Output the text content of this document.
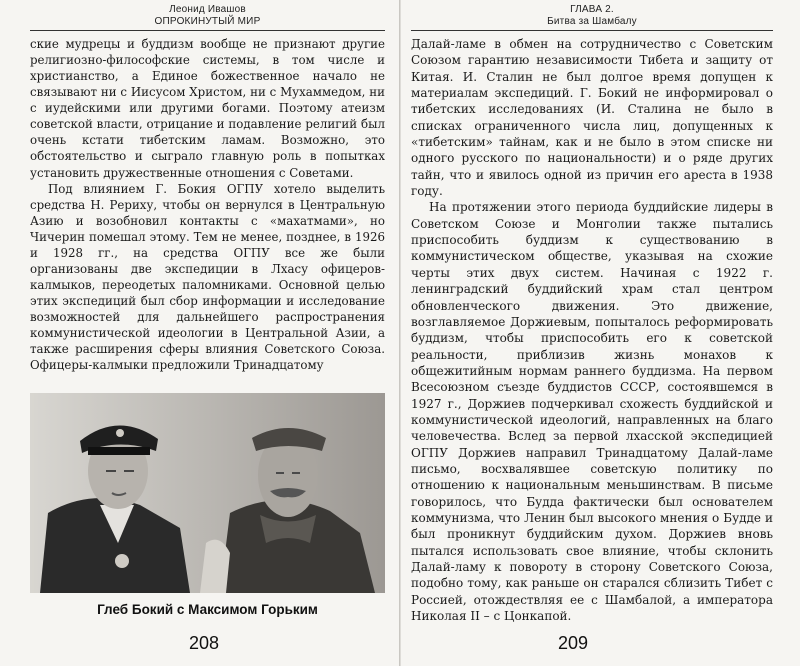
Леонид Ивашов
ОПРОКИНУТЫЙ МИР

ские мудрецы и буддизм вообще не признают другие религиозно-философские системы, в том числе и христианство, а Единое божественное начало не связывают ни с Иисусом Христом, ни с Мухаммедом, ни с иудейскими или другими богами. Поэтому атеизм советской власти, отрицание и подавление религий был очень кстати тибетским ламам. Возможно, это обстоятельство и сыграло главную роль в попытках установить дружественные отношения с Советами.

Под влиянием Г. Бокия ОГПУ хотело выделить средства Н. Рериху, чтобы он вернулся в Центральную Азию и возобновил контакты с «махатмами», но Чичерин помешал этому. Тем не менее, позднее, в 1926 и 1928 гг., на средства ОГПУ все же были организованы две экспедиции в Лхасу офицеров-калмыков, переодетых паломниками. Основной целью этих экспедиций был сбор информации и исследование возможностей для дальнейшего распространения коммунистической идеологии в Центральной Азии, а также расширения сферы влияния Советского Союза. Офицеры-калмыки предложили Тринадцатому

Глеб Бокий с Максимом Горьким
208
ГЛАВА 2.
Битва за Шамбалу

Далай-ламе в обмен на сотрудничество с Советским Союзом гарантию независимости Тибета и защиту от Китая. И. Сталин не был долгое время допущен к материалам экспедиций. Г. Бокий не информировал о тибетских исследованиях (И. Сталина не было в списках ограниченного числа лиц, допущенных к «тибетским» тайнам, как и не было в этом списке ни одного русского по национальности) и о ряде других тайн, что и явилось одной из причин его ареста в 1938 году.

На протяжении этого периода буддийские лидеры в Советском Союзе и Монголии также пытались приспособить буддизм к существованию в коммунистическом обществе, указывая на схожие черты этих двух систем. Начиная с 1922 г. ленинградский буддийский храм стал центром обновленческого движения. Это движение, возглавляемое Доржиевым, попыталось реформировать буддизм, чтобы приспособить его к советской реальности, приблизив жизнь монахов к общежитийным нормам раннего буддизма. На первом Всесоюзном съезде буддистов СССР, состоявшемся в 1927 г., Доржиев подчеркивал схожесть буддийской и коммунистической идеологий, направленных на благо человечества. Вслед за первой лхасской экспедицией ОГПУ Доржиев направил Тринадцатому Далай-ламе письмо, восхвалявшее советскую политику по отношению к национальным меньшинствам. В письме говорилось, что Будда фактически был основателем коммунизма, что Ленин был высокого мнения о Будде и был проникнут буддийским духом. Доржиев вновь пытался использовать свое влияние, чтобы склонить Далай-ламу к повороту в сторону Советского Союза, подобно тому, как раньше он старался сблизить Тибет с Россией, отождествляя ее с Шамбалой, а императора Николая II – с Цонкапой.

209
